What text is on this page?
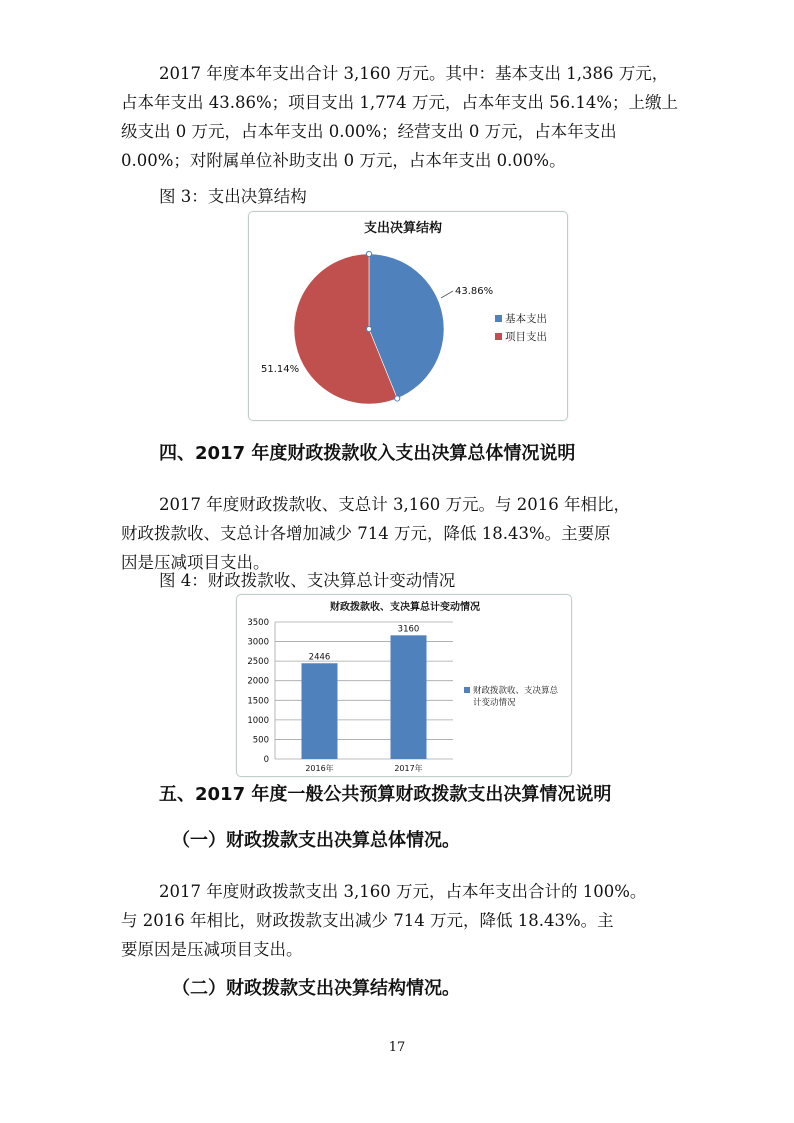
2017 年度本年支出合计 3,160 万元。其中：基本支出 1,386 万元，
占本年支出 43.86%；项目支出 1,774 万元，占本年支出 56.14%；上缴上
级支出 0 万元，占本年支出 0.00%；经营支出 0 万元，占本年支出
0.00%；对附属单位补助支出 0 万元，占本年支出 0.00%。

图 3：支出决算结构

支出决算结构
43.86%
51.14%
基本支出
项目支出
四、2017 年度财政拨款收入支出决算总体情况说明
2017 年度财政拨款收、支总计 3,160 万元。与 2016 年相比，
财政拨款收、支总计各增加减少 714 万元，降低 18.43%。主要原
因是压减项目支出。

图 4：财政拨款收、支决算总计变动情况

财政拨款收、支决算总计变动情况
0
500
1000
1500
2000
2500
3000
3500
2446
2016年
3160
2017年
财政拨款收、支决算总
计变动情况
五、2017 年度一般公共预算财政拨款支出决算情况说明
（一）财政拨款支出决算总体情况。
2017 年度财政拨款支出 3,160 万元，占本年支出合计的 100%。
与 2016 年相比，财政拨款支出减少 714 万元，降低 18.43%。主
要原因是压减项目支出。
（二）财政拨款支出决算结构情况。
17
